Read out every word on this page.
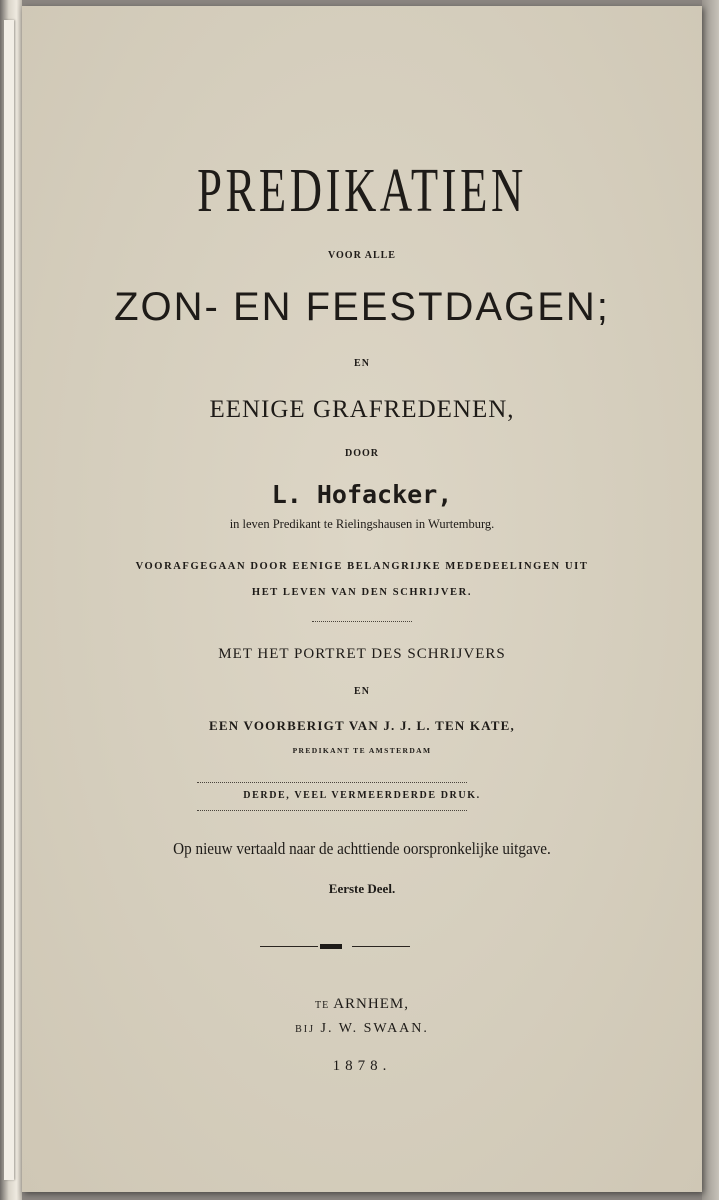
PREDIKATIEN
VOOR ALLE
ZON- EN FEESTDAGEN;
EN
EENIGE GRAFREDENEN,
DOOR
L. Hofacker,
in leven Predikant te Rielingshausen in Wurtemburg.
VOORAFGEGAAN DOOR EENIGE BELANGRIJKE MEDEDEELINGEN UIT
HET LEVEN VAN DEN SCHRIJVER.
MET HET PORTRET DES SCHRIJVERS
EN
EEN VOORBERIGT VAN J. J. L. TEN KATE,
PREDIKANT TE AMSTERDAM
DERDE, VEEL VERMEERDERDE DRUK.
Op nieuw vertaald naar de achttiende oorspronkelijke uitgave.
Eerste Deel.
TE ARNHEM,
BIJ J. W. SWAAN.
1878.
